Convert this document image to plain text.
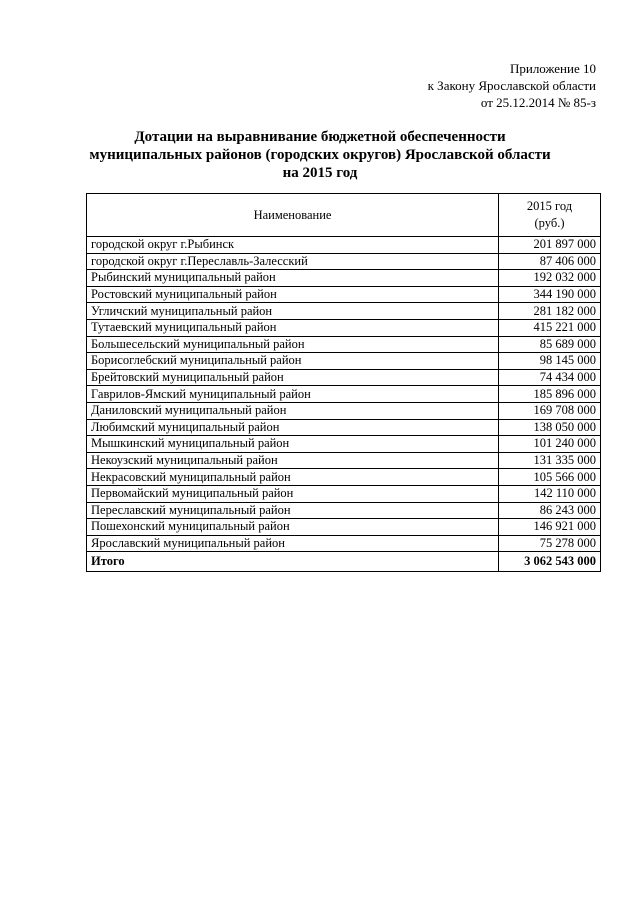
Приложение 10
к Закону Ярославской области
от 25.12.2014 № 85-з
Дотации на выравнивание бюджетной обеспеченности
муниципальных районов (городских округов) Ярославской области
на 2015 год
Наименование	2015 год
(руб.)

городской округ г.Рыбинск	201 897 000
городской округ г.Переславль-Залесский	87 406 000
Рыбинский муниципальный район	192 032 000
Ростовский муниципальный район	344 190 000
Угличский муниципальный район	281 182 000
Тутаевский муниципальный район	415 221 000
Большесельский муниципальный район	85 689 000
Борисоглебский муниципальный район	98 145 000
Брейтовский муниципальный район	74 434 000
Гаврилов-Ямский муниципальный район	185 896 000
Даниловский муниципальный район	169 708 000
Любимский муниципальный район	138 050 000
Мышкинский муниципальный район	101 240 000
Некоузский муниципальный район	131 335 000
Некрасовский муниципальный район	105 566 000
Первомайский муниципальный район	142 110 000
Переславский муниципальный район	86 243 000
Пошехонский муниципальный район	146 921 000
Ярославский муниципальный район	75 278 000
Итого	3 062 543 000
